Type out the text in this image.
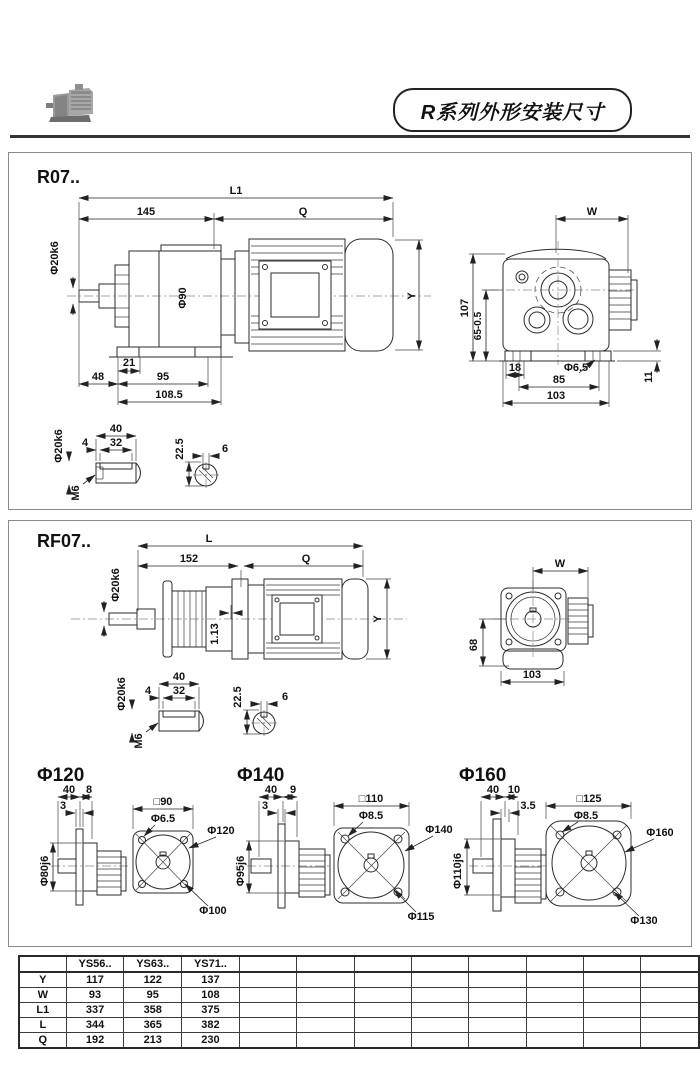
R系列外形安装尺寸
R07..
L1
145	Q
Φ20k6
Φ90	Y
21
48	95
108.5
W
107
65-0.5
18	Φ6.5
85
103
11
Φ20k6
40
4 32
M6
22.5	6
RF07..	L
152	Q
Φ20k6
1.13
Y
W
68
103
Φ20k6
40
4 32
M6
22.5	6
Φ120
40 8
3
Φ80j6
□90
Φ6.5
Φ120
Φ100
Φ140
40 9
3
Φ95j6
□110
Φ8.5
Φ140
Φ115
Φ160
40 10
3.5
Φ110j6
□125
Φ8.5
Φ160
Φ130
	YS56..	YS63..	YS71..								
Y	117	122	137								
W	93	95	108								
L1	337	358	375								
L	344	365	382								
Q	192	213	230								
